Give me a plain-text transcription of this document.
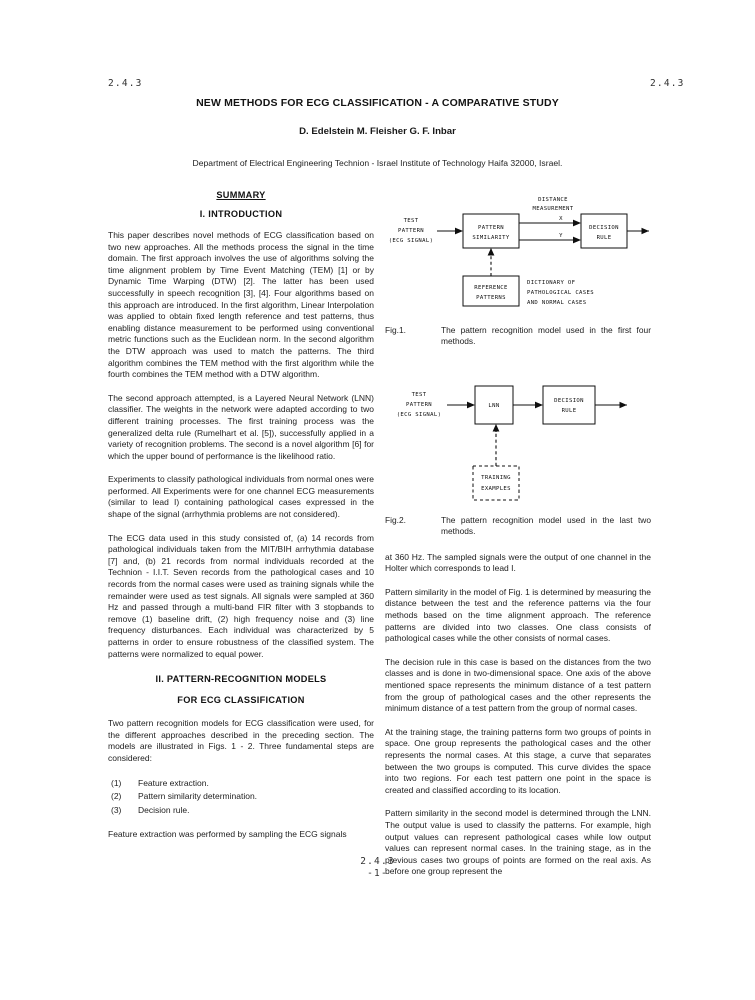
2.4.3	2.4.3
NEW METHODS FOR ECG CLASSIFICATION - A COMPARATIVE STUDY
D. Edelstein M. Fleisher G. F. Inbar
Department of Electrical Engineering Technion - Israel Institute of Technology Haifa 32000, Israel.
SUMMARY
I. INTRODUCTION

This paper describes novel methods of ECG classification based on two new approaches. All the methods process the signal in the time domain. The first approach involves the use of algorithms solving the time alignment problem by Time Event Matching (TEM) [1] or by Dynamic Time Warping (DTW) [2]. The latter has been used successfully in speech recognition [3], [4]. Four algorithms based on this approach are introduced. In the first algorithm, Linear Interpolation was applied to obtain fixed length reference and test patterns, thus enabling distance measurement to be performed using conventional metric functions such as the Euclidean norm. In the second algorithm the DTW approach was used to match the patterns. The third algorithm combines the TEM method with the first algorithm while the fourth combines the TEM method with a DTW algorithm.

The second approach attempted, is a Layered Neural Network (LNN) classifier. The weights in the network were adapted according to two different training processes. The first training process was the generalized delta rule (Rumelhart et al. [5]), successfully applied in a variety of recognition problems. The second is a novel algorithm [6] for which the upper bound of performance is the likelihood ratio.

Experiments to classify pathological individuals from normal ones were performed. All Experiments were for one channel ECG measurements (similar to lead I) containing pathological cases expressed in the shape of the signal (arrhythmia problems are not considered).

The ECG data used in this study consisted of, (a) 14 records from pathological individuals taken from the MIT/BIH arrhythmia database [7] and, (b) 21 records from normal individuals recorded at the Technion - I.I.T. Seven records from the pathological cases and 10 records from the normal cases were used as training signals while the remainder were used as test signals. All signals were sampled at 360 Hz and passed through a multi-band FIR filter with 3 stopbands to remove (1) baseline drift, (2) high frequency noise and (3) line frequency disturbances. Each individual was characterized by 5 patterns in order to ensure robustness of the classified system. The patterns were normalized to equal power.

II. PATTERN-RECOGNITION MODELS
FOR ECG CLASSIFICATION

Two pattern recognition models for ECG classification were used, for the different approaches described in the preceding section. The models are illustrated in Figs. 1 - 2. Three fundamental steps are considered:

(1) Feature extraction.
(2) Pattern similarity determination.
(3) Decision rule.

Feature extraction was performed by sampling the ECG signals

TEST
PATTERN
(ECG SIGNAL)
PATTERN
SIMILARITY
DECISION
RULE
REFERENCE
PATTERNS
DISTANCE
MEASUREMENT
X
Y
DICTIONARY OF
PATHOLOGICAL CASES
AND NORMAL CASES

Fig.1.	The pattern recognition model used in the first four methods.

TEST
PATTERN
(ECG SIGNAL)
LNN
DECISION
RULE
TRAINING
EXAMPLES

Fig.2.	The pattern recognition model used in the last two methods.

at 360 Hz. The sampled signals were the output of one channel in the Holter which corresponds to lead I.

Pattern similarity in the model of Fig. 1 is determined by measuring the distance between the test and the reference patterns via the four methods based on the time alignment approach. The reference patterns are divided into two classes. One class consists of pathological cases while the other consists of normal cases.

The decision rule in this case is based on the distances from the two classes and is done in two-dimensional space. One axis of the above mentioned space represents the minimum distance of a test pattern from the group of pathological cases and the other represents the minimum distance of a test pattern from the group of normal cases.

At the training stage, the training patterns form two groups of points in space. One group represents the pathological cases and the other represents the normal cases. At this stage, a curve that separates between the two groups is computed. This curve divides the space into two regions. For each test pattern one point in the space is created and classified according to its location.

Pattern similarity in the second model is determined through the LNN. The output value is used to classify the patterns. For example, high output values can represent pathological cases while low output values can represent normal cases. In the training stage, as in the previous cases two groups of points are formed on the real axis. As before one group represent the

2.4.3
-1-
